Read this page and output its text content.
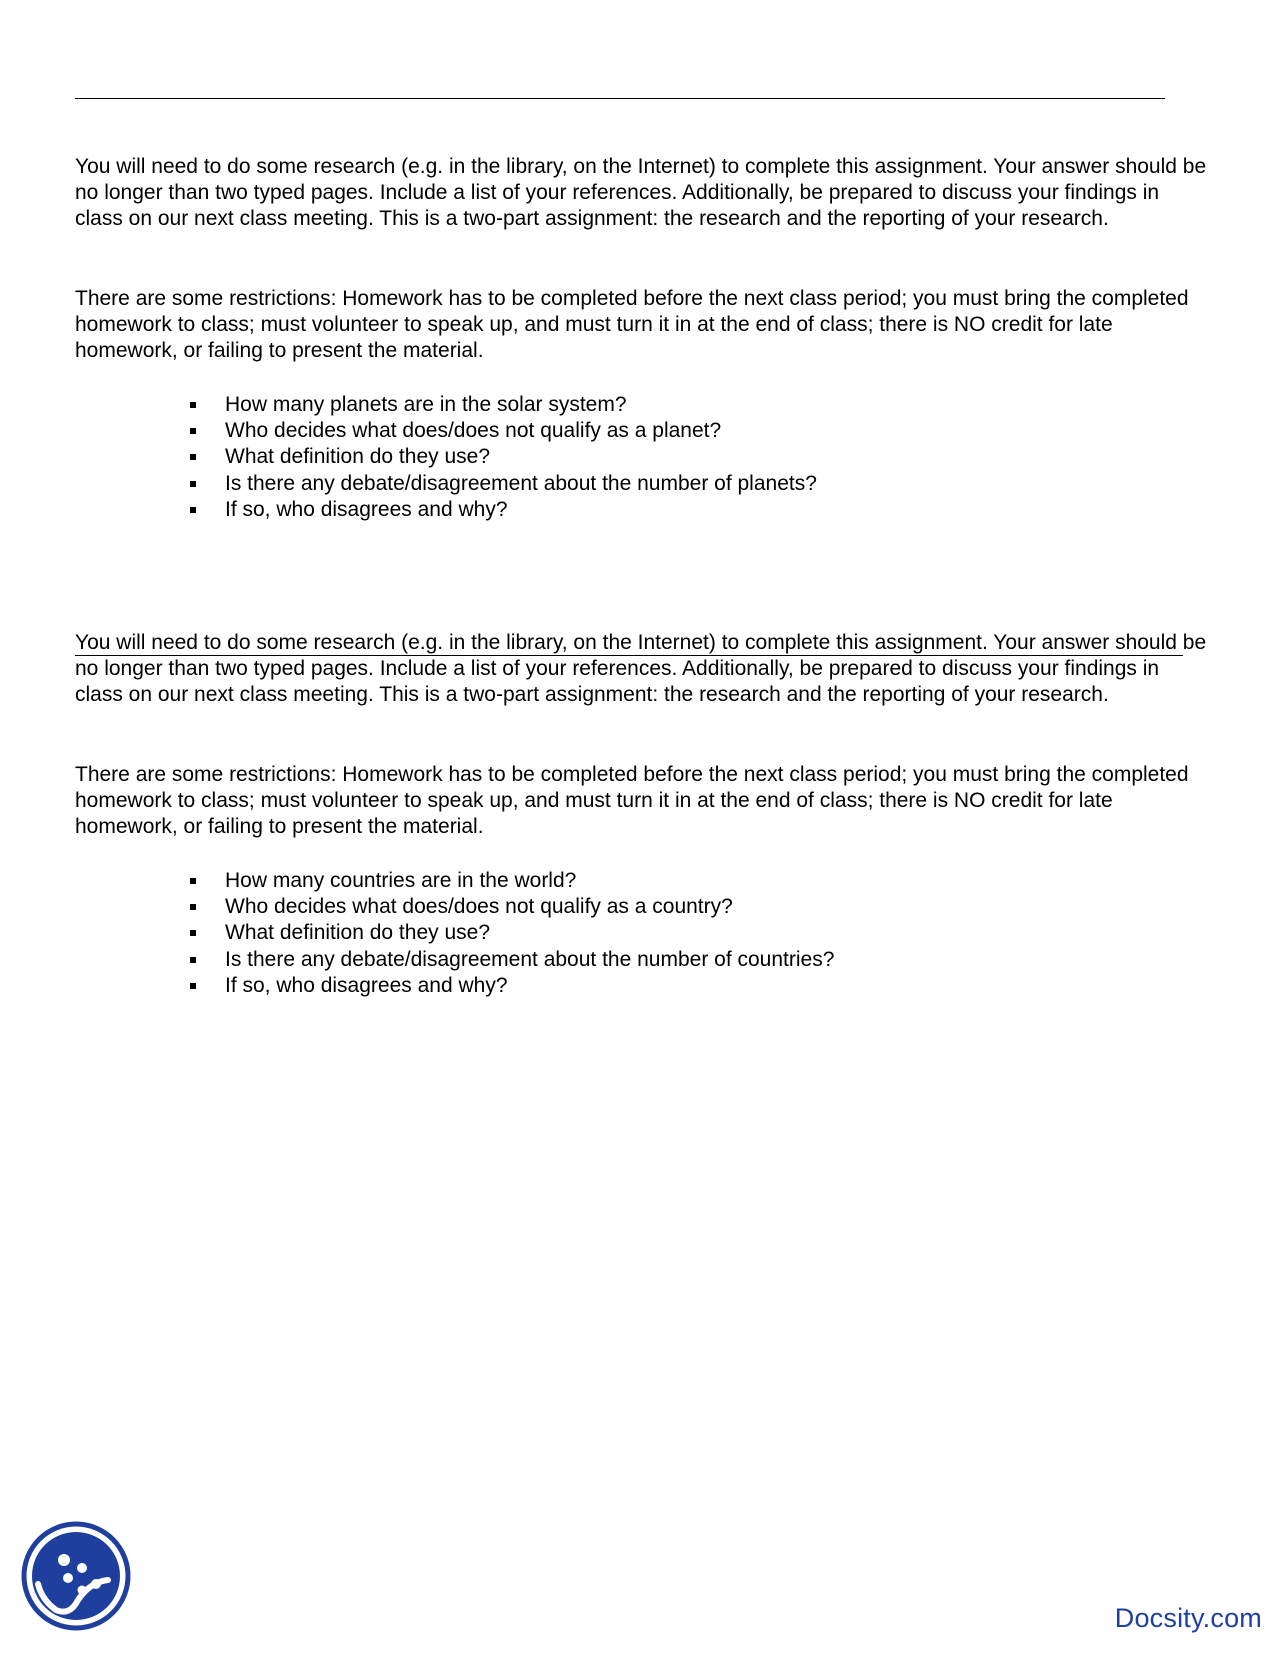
You will need to do some research (e.g. in the library, on the Internet) to complete this assignment. Your answer should be no longer than two typed pages. Include a list of your references. Additionally, be prepared to discuss your findings in class on our next class meeting. This is a two-part assignment: the research and the reporting of your research.

There are some restrictions: Homework has to be completed before the next class period; you must bring the completed homework to class; must volunteer to speak up, and must turn it in at the end of class; there is NO credit for late homework, or failing to present the material.

How many planets are in the solar system?
Who decides what does/does not qualify as a planet?
What definition do they use?
Is there any debate/disagreement about the number of planets?
If so, who disagrees and why?

You will need to do some research (e.g. in the library, on the Internet) to complete this assignment. Your answer should be no longer than two typed pages. Include a list of your references. Additionally, be prepared to discuss your findings in class on our next class meeting. This is a two-part assignment: the research and the reporting of your research.

There are some restrictions: Homework has to be completed before the next class period; you must bring the completed homework to class; must volunteer to speak up, and must turn it in at the end of class; there is NO credit for late homework, or failing to present the material.

How many countries are in the world?
Who decides what does/does not qualify as a country?
What definition do they use?
Is there any debate/disagreement about the number of countries?
If so, who disagrees and why?
Docsity.com
